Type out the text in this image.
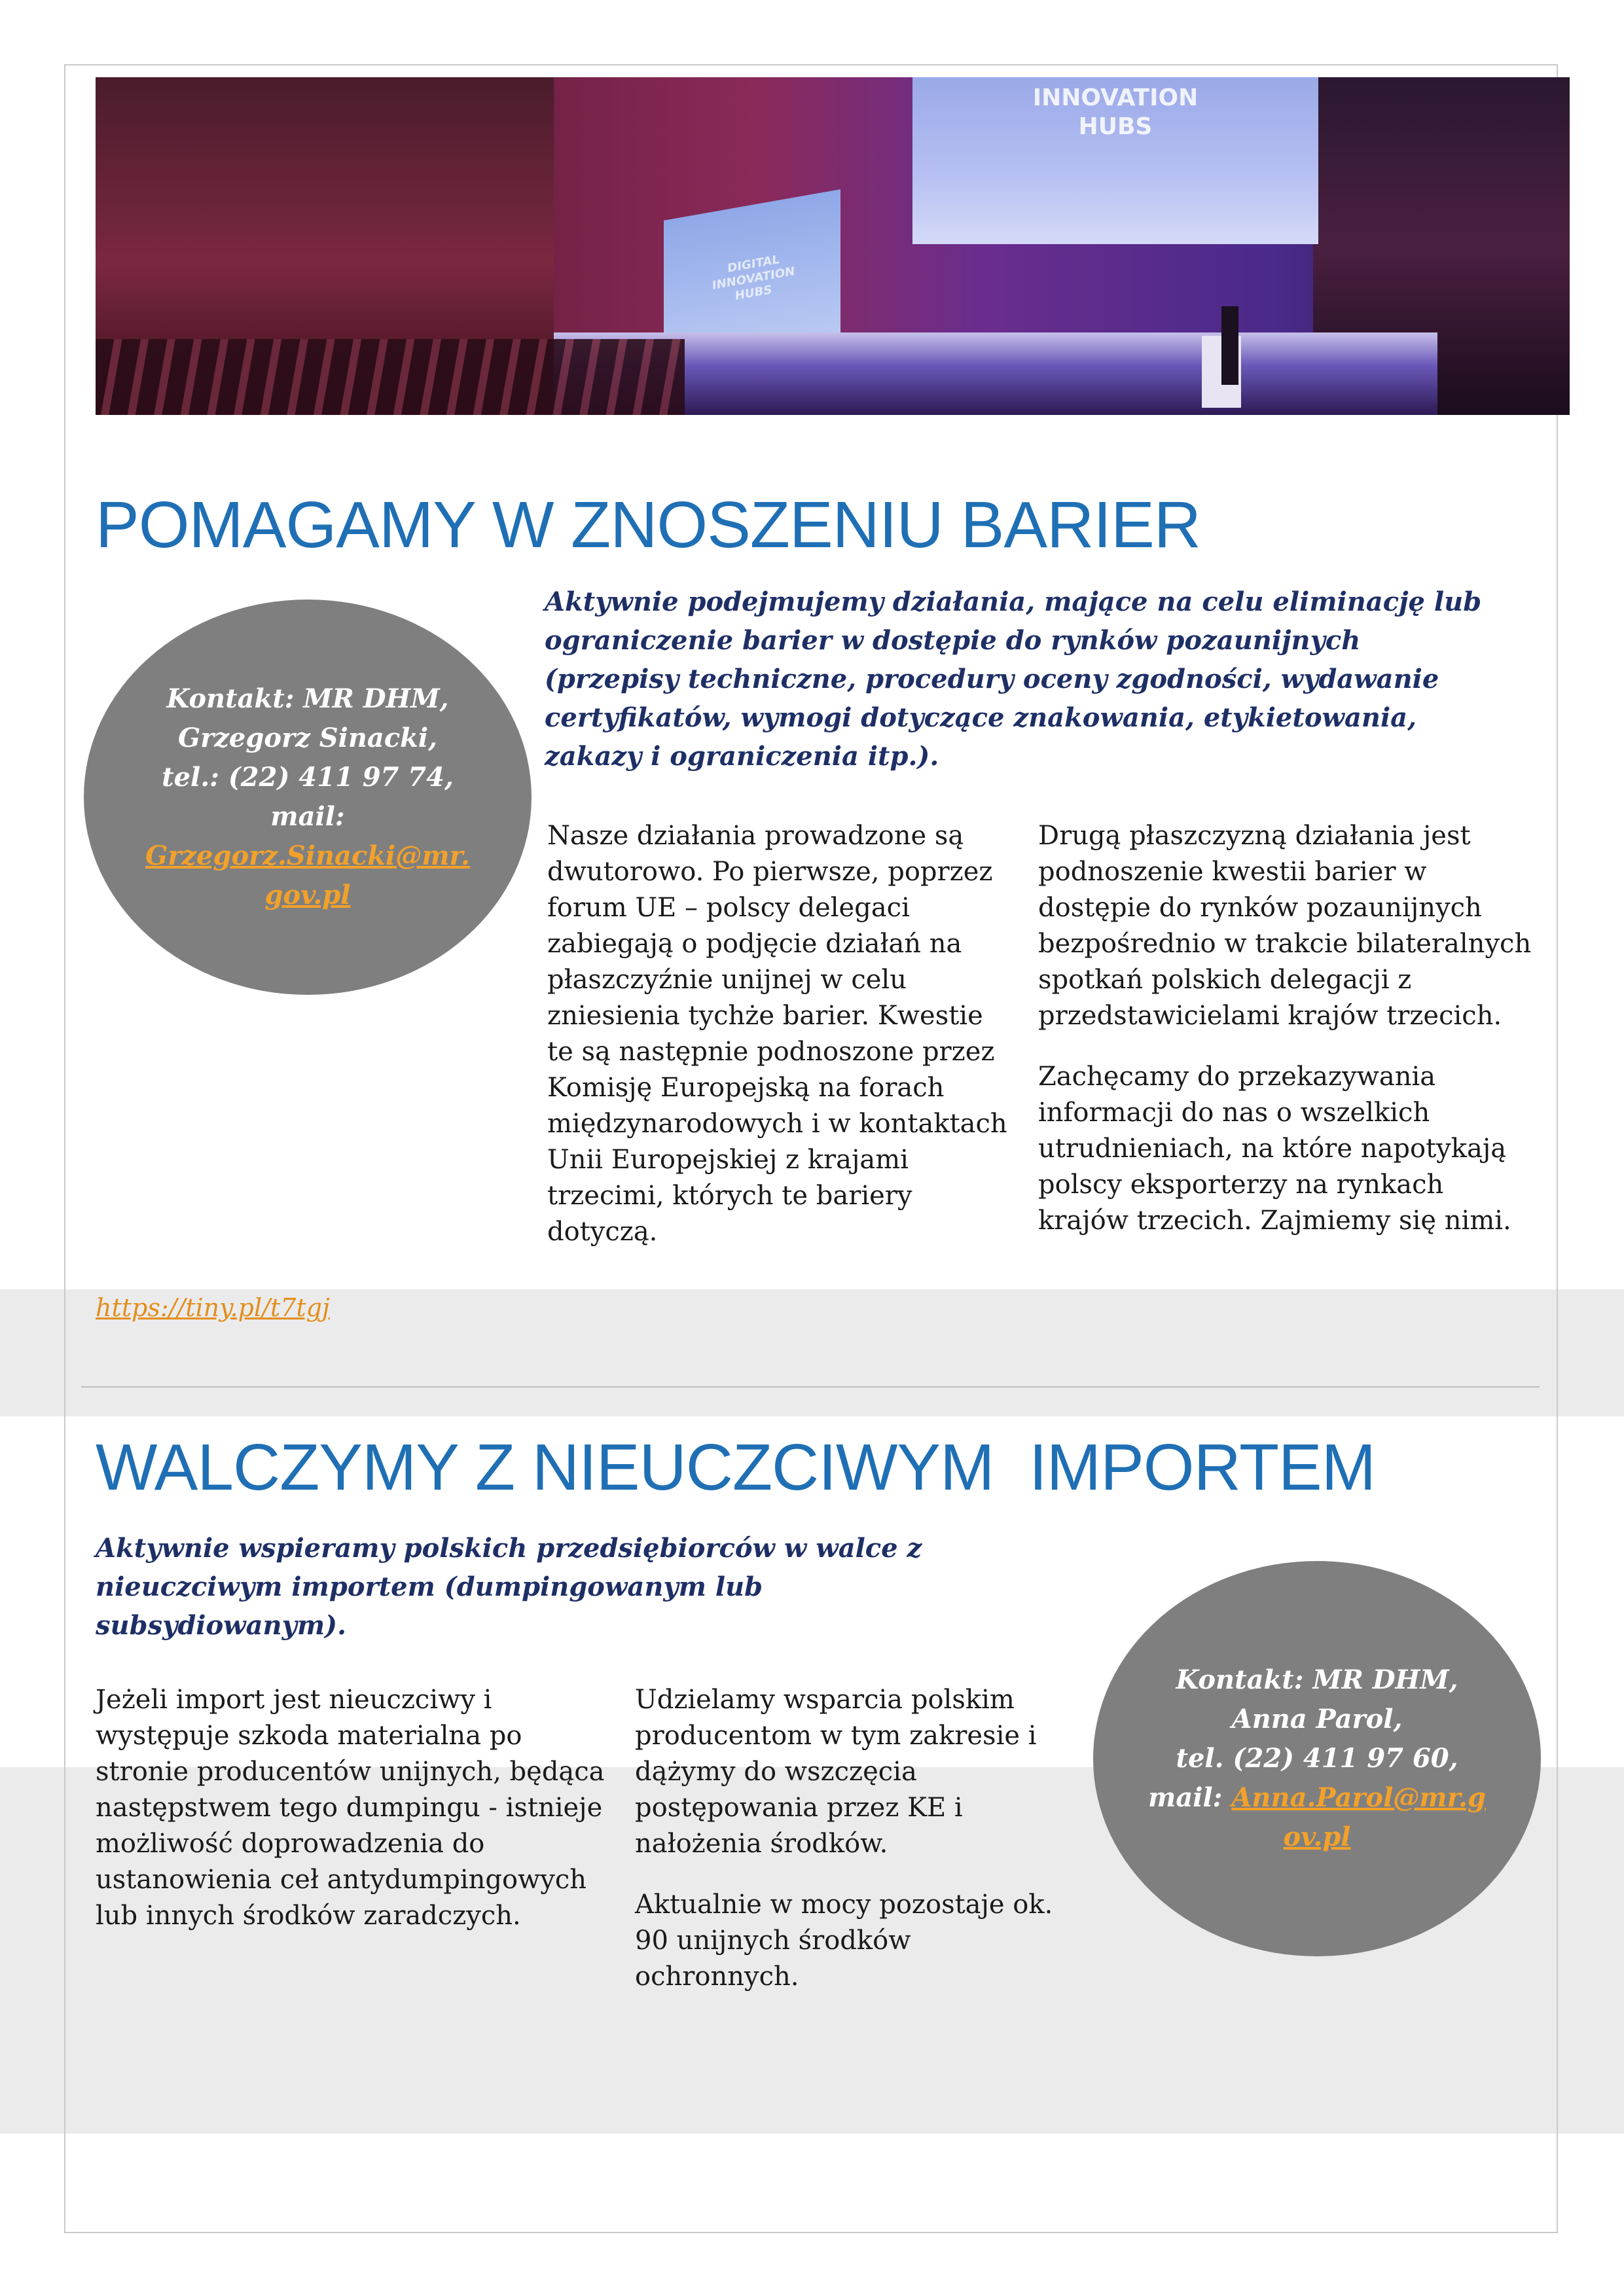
INNOVATION
HUBS
DIGITAL
INNOVATION
HUBS
POMAGAMY W ZNOSZENIU BARIER
Aktywnie podejmujemy działania, mające na celu eliminację lub ograniczenie barier w dostępie do rynków pozaunijnych (przepisy techniczne, procedury oceny zgodności, wydawanie certyfikatów, wymogi dotyczące znakowania, etykietowania, zakazy i ograniczenia itp.).
Kontakt: MR DHM,
Grzegorz Sinacki,
tel.: (22) 411 97 74,
mail:
Grzegorz.Sinacki@mr.gov.pl

Nasze działania prowadzone są dwutorowo. Po pierwsze, poprzez forum UE – polscy delegaci zabiegają o podjęcie działań na płaszczyźnie unijnej w celu zniesienia tychże barier. Kwestie te są następnie podnoszone przez Komisję Europejską na forach międzynarodowych i w kontaktach Unii Europejskiej z krajami trzecimi, których te bariery dotyczą.

Drugą płaszczyzną działania jest podnoszenie kwestii barier w dostępie do rynków pozaunijnych bezpośrednio w trakcie bilateralnych spotkań polskich delegacji z przedstawicielami krajów trzecich.

Zachęcamy do przekazywania informacji do nas o wszelkich utrudnieniach, na które napotykają polscy eksporterzy na rynkach krajów trzecich. Zajmiemy się nimi.

https://tiny.pl/t7tgj
WALCZYMY Z NIEUCZCIWYM  IMPORTEM
Aktywnie wspieramy polskich przedsiębiorców w walce z nieuczciwym importem (dumpingowanym lub subsydiowanym).

Jeżeli import jest nieuczciwy i występuje szkoda materialna po stronie producentów unijnych, będąca następstwem tego dumpingu - istnieje możliwość doprowadzenia do ustanowienia ceł antydumpingowych lub innych środków zaradczych.

Udzielamy wsparcia polskim producentom w tym zakresie i dążymy do wszczęcia postępowania przez KE i nałożenia środków.

Aktualnie w mocy pozostaje ok. 90 unijnych środków ochronnych.

Kontakt: MR DHM,
Anna Parol,
tel. (22) 411 97 60,
mail: Anna.Parol@mr.gov.pl
